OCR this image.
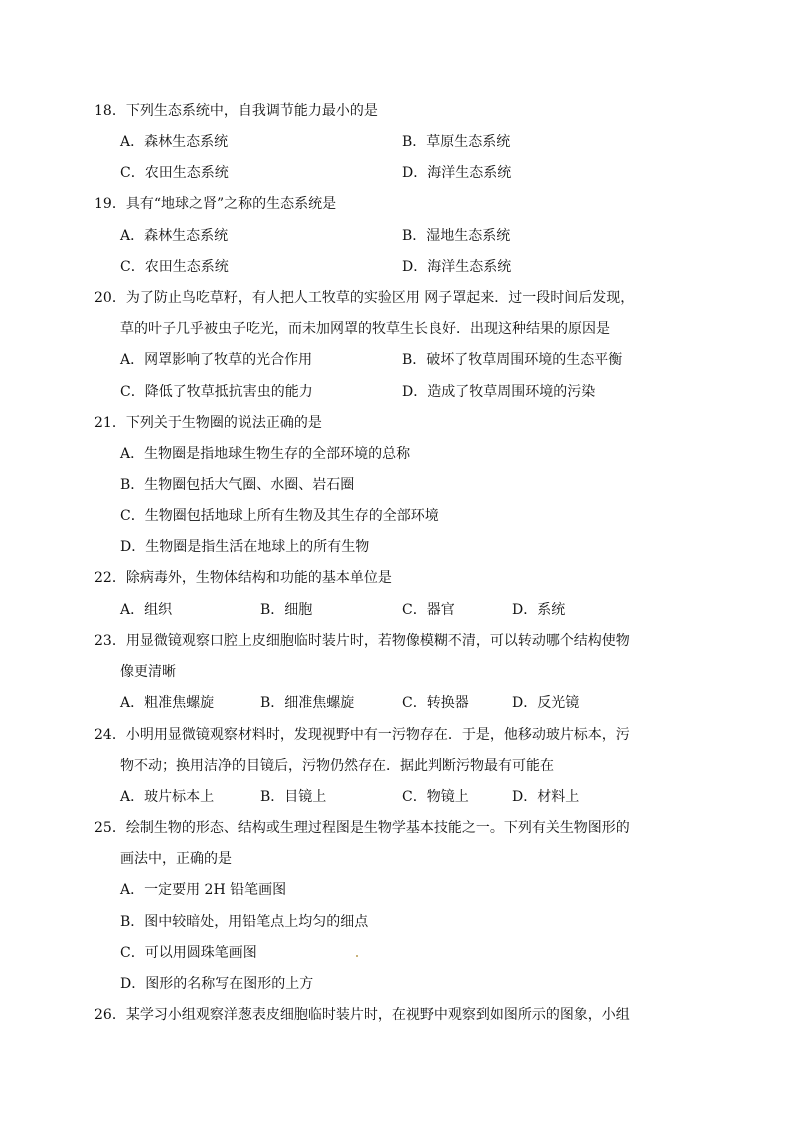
18．下列生态系统中，自我调节能力最小的是
A．森林生态系统	B．草原生态系统
C．农田生态系统	D．海洋生态系统
19．具有“地球之肾”之称的生态系统是
A．森林生态系统	B．湿地生态系统
C．农田生态系统	D．海洋生态系统
20．为了防止鸟吃草籽，有人把人工牧草的实验区用 网子罩起来．过一段时间后发现，
草的叶子几乎被虫子吃光，而未加网罩的牧草生长良好．出现这种结果的原因是
A．网罩影响了牧草的光合作用	B．破坏了牧草周围环境的生态平衡
C．降低了牧草抵抗害虫的能力	D．造成了牧草周围环境的污染
21．下列关于生物圈的说法正确的是
A．生物圈是指地球生物生存的全部环境的总称
B．生物圈包括大气圈、水圈、岩石圈
C．生物圈包括地球上所有生物及其生存的全部环境
D．生物圈是指生活在地球上的所有生物
22．除病毒外，生物体结构和功能的基本单位是
A．组织	B．细胞	C．器官	D．系统
23．用显微镜观察口腔上皮细胞临时装片时，若物像模糊不清，可以转动哪个结构使物
像更清晰
A．粗准焦螺旋	B．细准焦螺旋	C．转换器	D．反光镜
24．小明用显微镜观察材料时，发现视野中有一污物存在．于是，他移动玻片标本，污
物不动；换用洁净的目镜后，污物仍然存在．据此判断污物最有可能在
A．玻片标本上	B．目镜上	C．物镜上	D．材料上
25．绘制生物的形态、结构或生理过程图是生物学基本技能之一。下列有关生物图形的
画法中，正确的是
A．一定要用 2H 铅笔画图
B．图中较暗处，用铅笔点上均匀的细点
C．可以用圆珠笔画图
D．图形的名称写在图形的上方
26．某学习小组观察洋葱表皮细胞临时装片时，在视野中观察到如图所示的图象，小组
